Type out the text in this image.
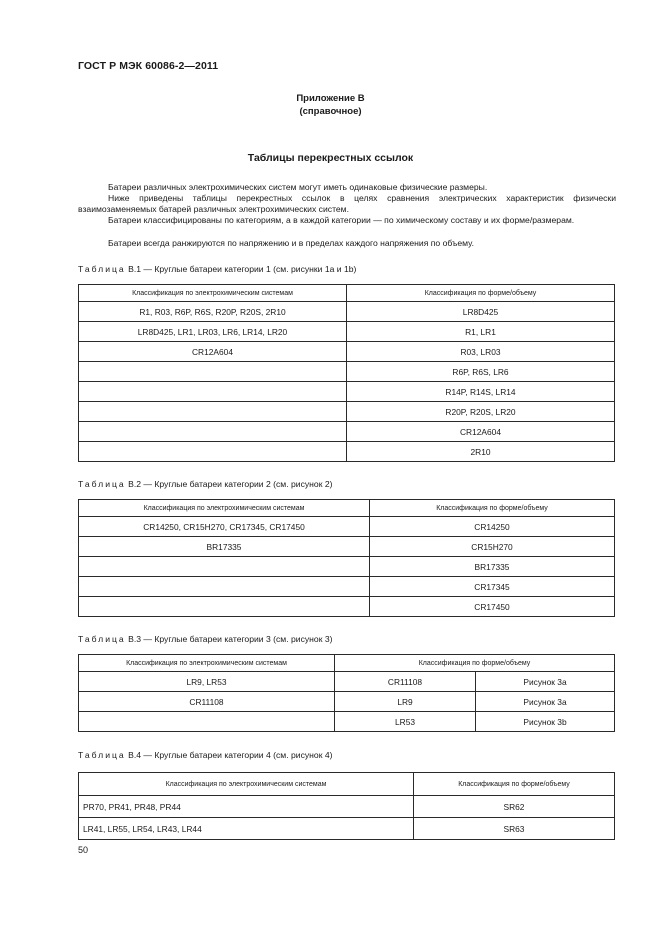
ГОСТ Р МЭК 60086-2—2011
Приложение В
(справочное)
Таблицы перекрестных ссылок
Батареи различных электрохимических систем могут иметь одинаковые физические размеры.
Ниже приведены таблицы перекрестных ссылок в целях сравнения электрических характеристик физически взаимозаменяемых батарей различных электрохимических систем.
Батареи классифицированы по категориям, а в каждой категории — по химическому составу и их форме/размерам.
Батареи всегда ранжируются по напряжению и в пределах каждого напряжения по объему.
Таблица В.1 — Круглые батареи категории 1 (см. рисунки 1а и 1b)
Классификация по электрохимическим системам	Классификация по форме/объему
R1, R03, R6P, R6S, R20P, R20S, 2R10	LR8D425
LR8D425, LR1, LR03, LR6, LR14, LR20	R1, LR1
CR12A604	R03, LR03
	R6P, R6S, LR6
	R14P, R14S, LR14
	R20P, R20S, LR20
	CR12A604
	2R10
Таблица В.2 — Круглые батареи категории 2 (см. рисунок 2)
Классификация по электрохимическим системам	Классификация по форме/объему
CR14250, CR15H270, CR17345, CR17450	CR14250
BR17335	CR15H270
	BR17335
	CR17345
	CR17450
Таблица В.3 — Круглые батареи категории 3 (см. рисунок 3)
Классификация по электрохимическим системам	Классификация по форме/объему	
LR9, LR53	CR11108	Рисунок 3а
CR11108	LR9	Рисунок 3а
	LR53	Рисунок 3b
Таблица В.4 — Круглые батареи категории 4 (см. рисунок 4)
Классификация по электрохимическим системам	Классификация по форме/объему
PR70, PR41, PR48, PR44	SR62
LR41, LR55, LR54, LR43, LR44	SR63
50
